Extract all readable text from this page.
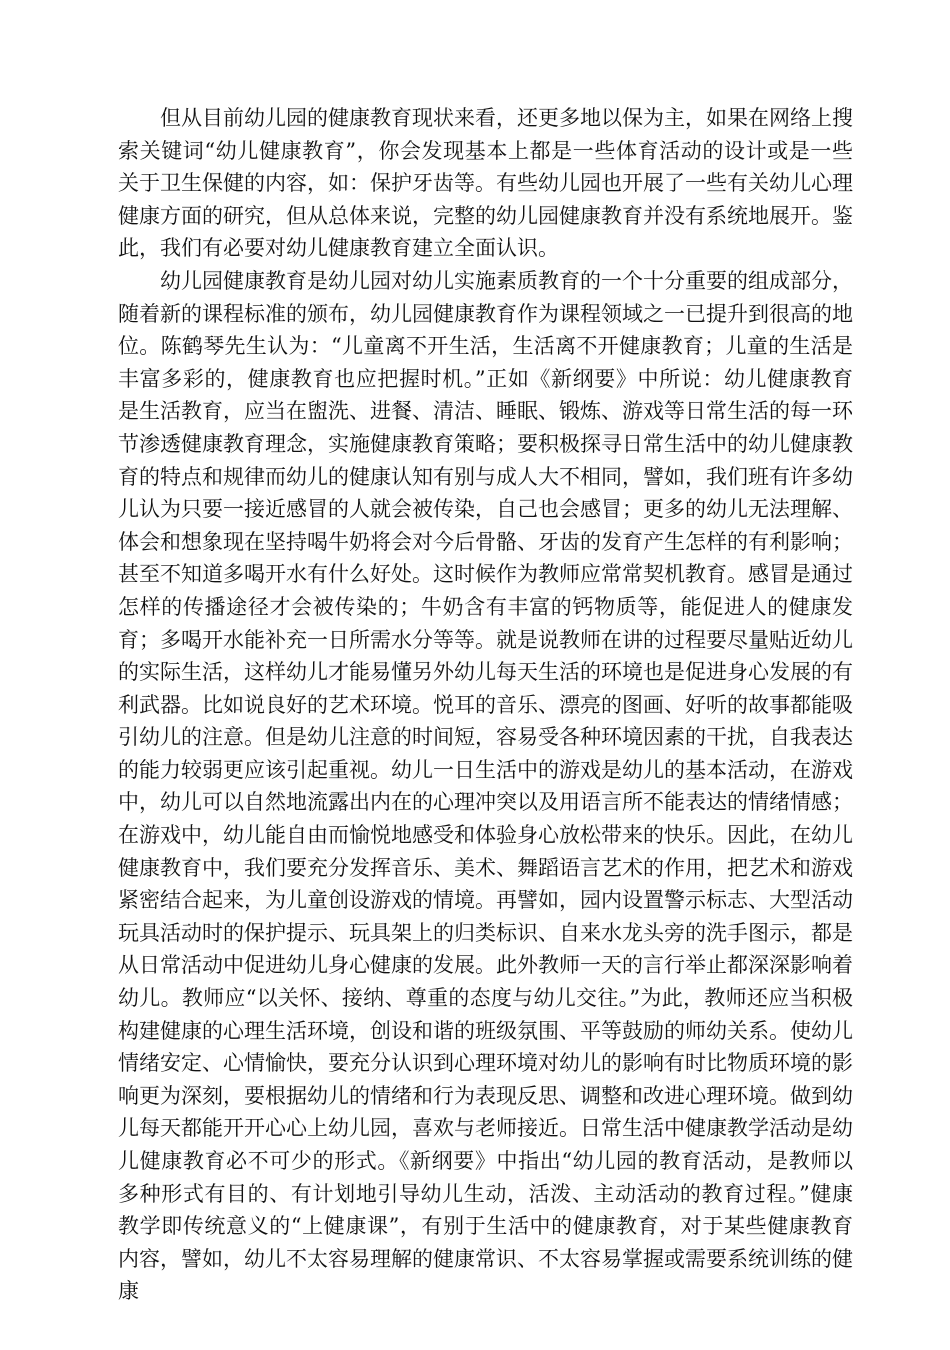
但从目前幼儿园的健康教育现状来看，还更多地以保为主，如果在网络上搜索关键词“幼儿健康教育”，你会发现基本上都是一些体育活动的设计或是一些关于卫生保健的内容，如：保护牙齿等。有些幼儿园也开展了一些有关幼儿心理健康方面的研究，但从总体来说，完整的幼儿园健康教育并没有系统地展开。鉴此，我们有必要对幼儿健康教育建立全面认识。

幼儿园健康教育是幼儿园对幼儿实施素质教育的一个十分重要的组成部分，随着新的课程标准的颁布，幼儿园健康教育作为课程领域之一已提升到很高的地位。陈鹤琴先生认为：“儿童离不开生活，生活离不开健康教育；儿童的生活是丰富多彩的，健康教育也应把握时机。”正如《新纲要》中所说：幼儿健康教育是生活教育，应当在盥洗、进餐、清洁、睡眠、锻炼、游戏等日常生活的每一环节渗透健康教育理念，实施健康教育策略；要积极探寻日常生活中的幼儿健康教育的特点和规律而幼儿的健康认知有别与成人大不相同，譬如，我们班有许多幼儿认为只要一接近感冒的人就会被传染，自己也会感冒；更多的幼儿无法理解、体会和想象现在坚持喝牛奶将会对今后骨骼、牙齿的发育产生怎样的有利影响；甚至不知道多喝开水有什么好处。这时候作为教师应常常契机教育。感冒是通过怎样的传播途径才会被传染的；牛奶含有丰富的钙物质等，能促进人的健康发育；多喝开水能补充一日所需水分等等。就是说教师在讲的过程要尽量贴近幼儿的实际生活，这样幼儿才能易懂另外幼儿每天生活的环境也是促进身心发展的有利武器。比如说良好的艺术环境。悦耳的音乐、漂亮的图画、好听的故事都能吸引幼儿的注意。但是幼儿注意的时间短，容易受各种环境因素的干扰，自我表达的能力较弱更应该引起重视。幼儿一日生活中的游戏是幼儿的基本活动，在游戏中，幼儿可以自然地流露出内在的心理冲突以及用语言所不能表达的情绪情感；在游戏中，幼儿能自由而愉悦地感受和体验身心放松带来的快乐。因此，在幼儿健康教育中，我们要充分发挥音乐、美术、舞蹈语言艺术的作用，把艺术和游戏紧密结合起来，为儿童创设游戏的情境。再譬如，园内设置警示标志、大型活动玩具活动时的保护提示、玩具架上的归类标识、自来水龙头旁的洗手图示，都是从日常活动中促进幼儿身心健康的发展。此外教师一天的言行举止都深深影响着幼儿。教师应“以关怀、接纳、尊重的态度与幼儿交往。”为此，教师还应当积极构建健康的心理生活环境，创设和谐的班级氛围、平等鼓励的师幼关系。使幼儿情绪安定、心情愉快，要充分认识到心理环境对幼儿的影响有时比物质环境的影响更为深刻，要根据幼儿的情绪和行为表现反思、调整和改进心理环境。做到幼儿每天都能开开心心上幼儿园，喜欢与老师接近。日常生活中健康教学活动是幼儿健康教育必不可少的形式。《新纲要》中指出“幼儿园的教育活动，是教师以多种形式有目的、有计划地引导幼儿生动，活泼、主动活动的教育过程。”健康教学即传统意义的“上健康课”，有别于生活中的健康教育，对于某些健康教育内容，譬如，幼儿不太容易理解的健康常识、不太容易掌握或需要系统训练的健康
